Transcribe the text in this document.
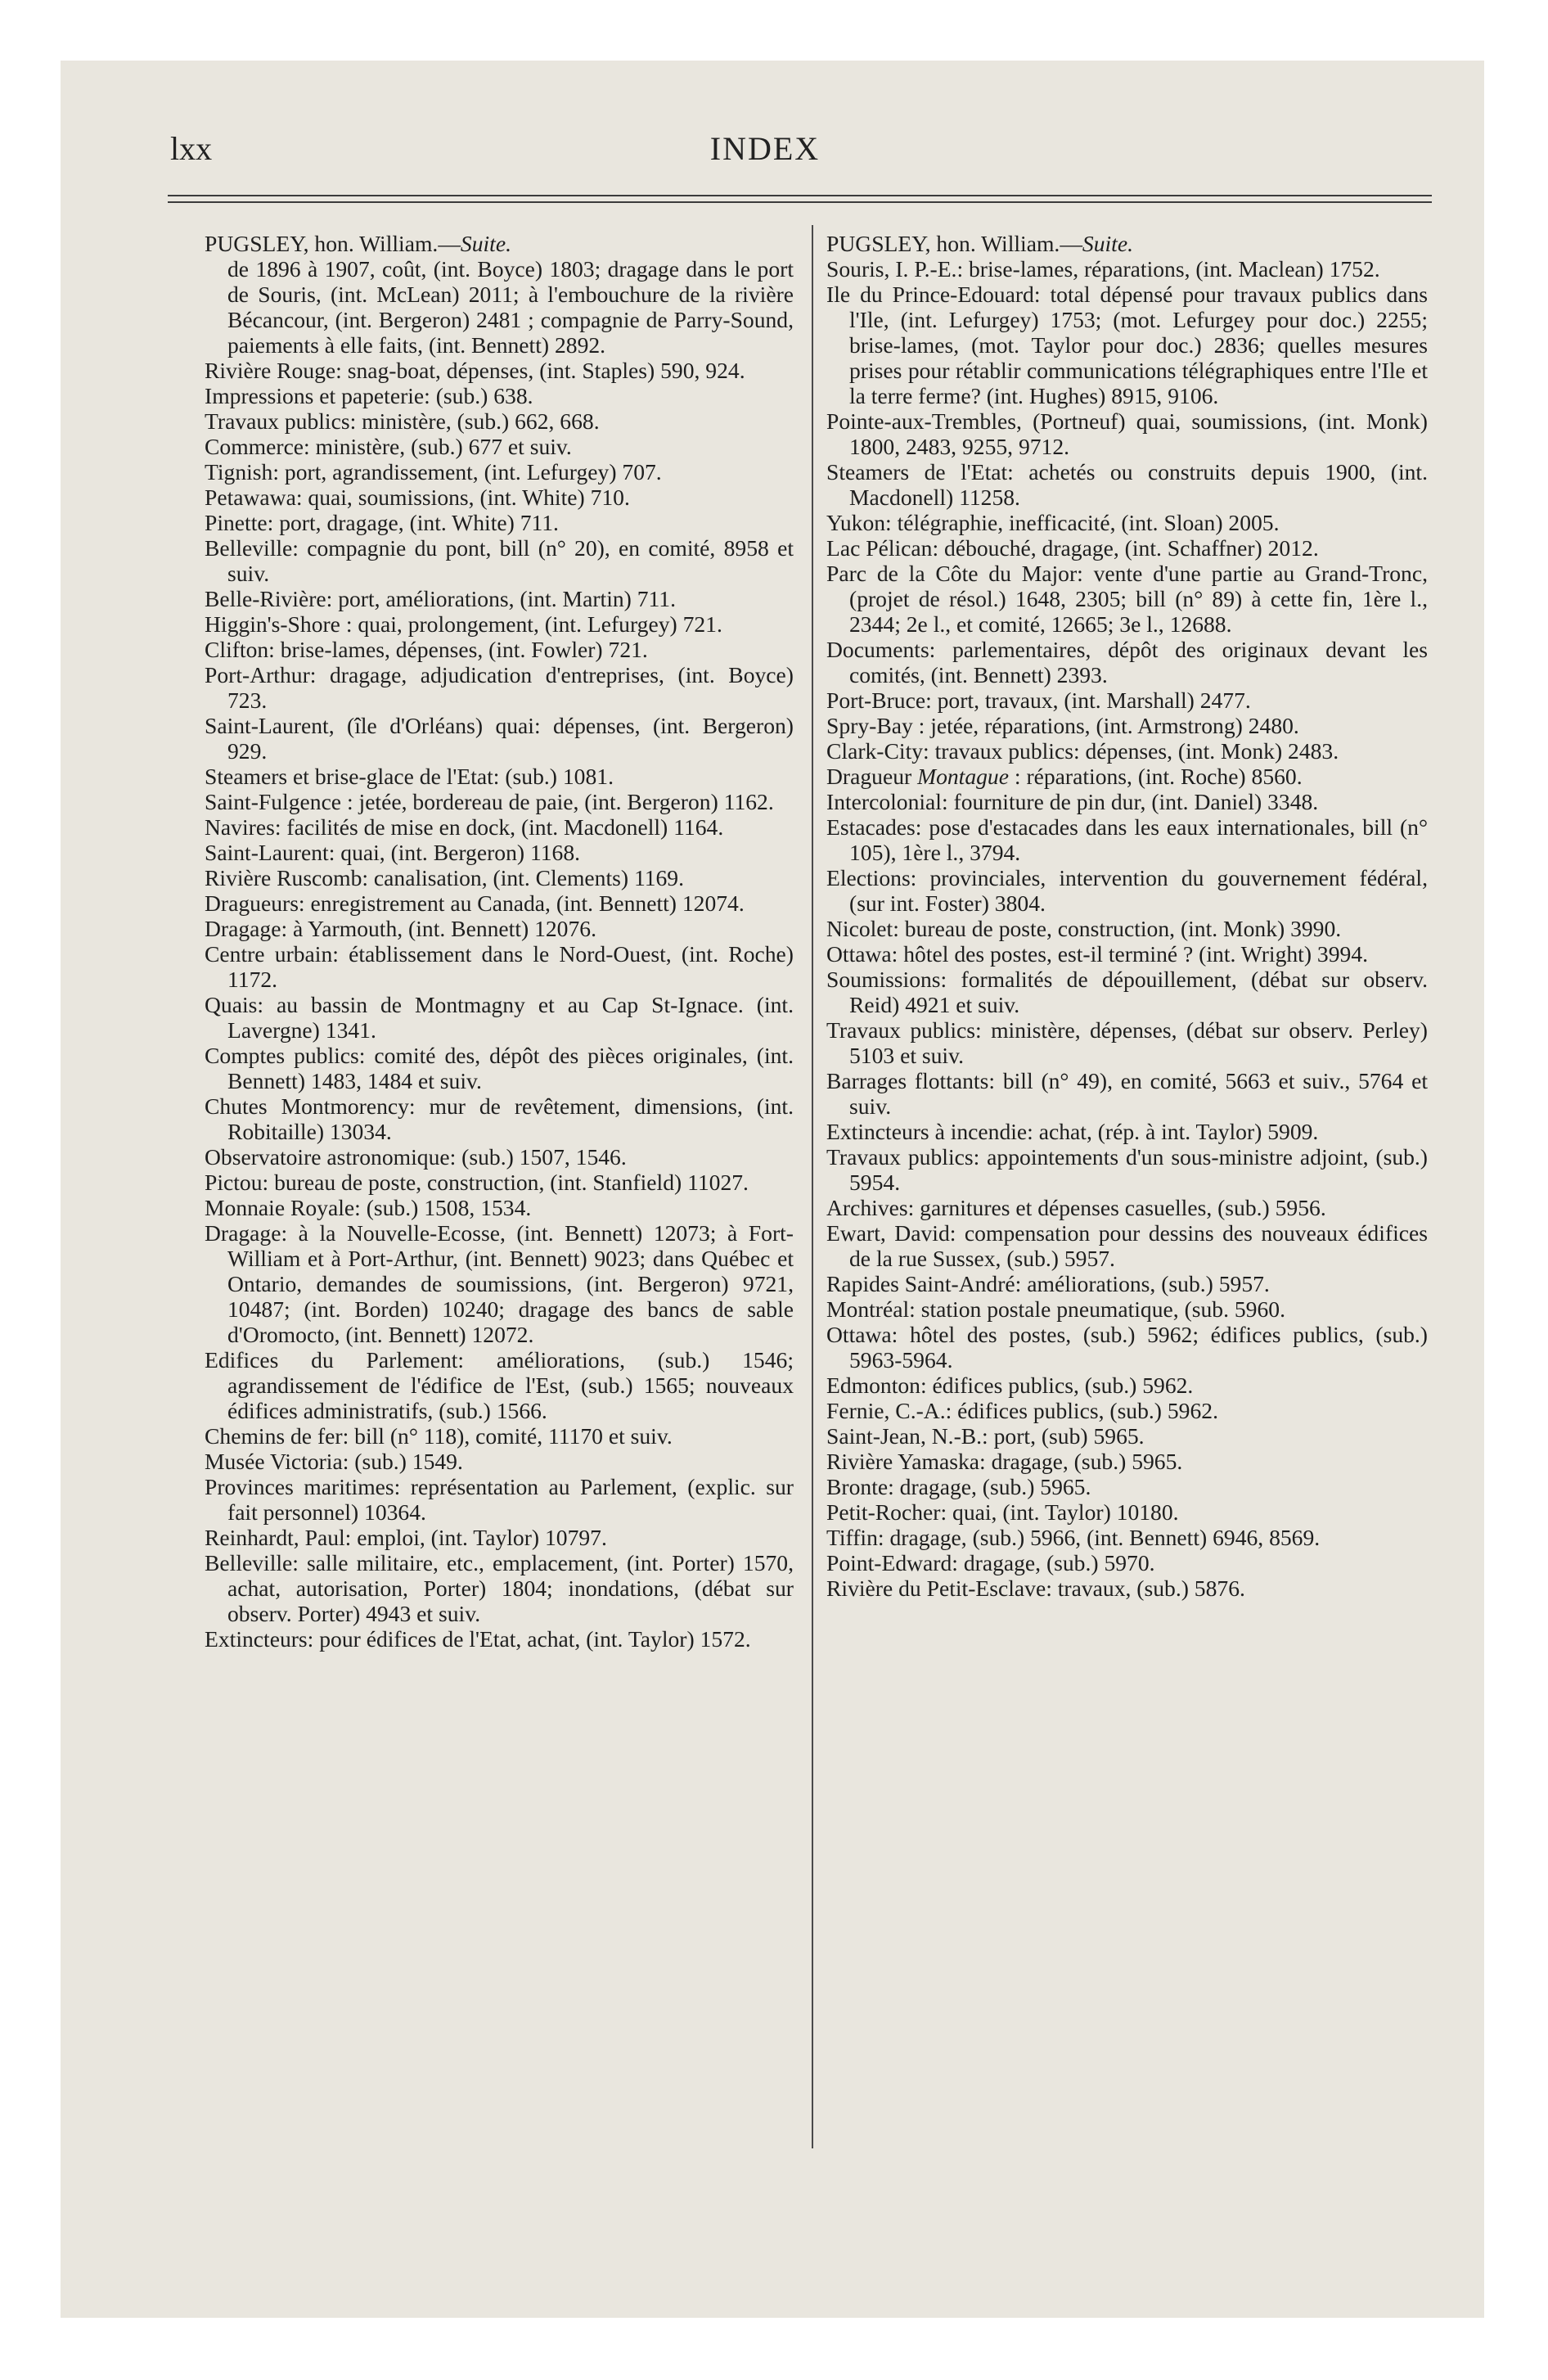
lxx	INDEX
PUGSLEY, hon. William.—Suite.

de 1896 à 1907, coût, (int. Boyce) 1803; dragage dans le port de Souris, (int. McLean) 2011; à l'embouchure de la rivière Bécancour, (int. Bergeron) 2481 ; compagnie de Parry-Sound, paiements à elle faits, (int. Bennett) 2892.

Rivière Rouge: snag-boat, dépenses, (int. Staples) 590, 924.

Impressions et papeterie: (sub.) 638.

Travaux publics: ministère, (sub.) 662, 668.

Commerce: ministère, (sub.) 677 et suiv.

Tignish: port, agrandissement, (int. Lefurgey) 707.

Petawawa: quai, soumissions, (int. White) 710.

Pinette: port, dragage, (int. White) 711.

Belleville: compagnie du pont, bill (n° 20), en comité, 8958 et suiv.

Belle-Rivière: port, améliorations, (int. Martin) 711.

Higgin's-Shore : quai, prolongement, (int. Lefurgey) 721.

Clifton: brise-lames, dépenses, (int. Fowler) 721.

Port-Arthur: dragage, adjudication d'entreprises, (int. Boyce) 723.

Saint-Laurent, (île d'Orléans) quai: dépenses, (int. Bergeron) 929.

Steamers et brise-glace de l'Etat: (sub.) 1081.

Saint-Fulgence : jetée, bordereau de paie, (int. Bergeron) 1162.

Navires: facilités de mise en dock, (int. Macdonell) 1164.

Saint-Laurent: quai, (int. Bergeron) 1168.

Rivière Ruscomb: canalisation, (int. Clements) 1169.

Dragueurs: enregistrement au Canada, (int. Bennett) 12074.

Dragage: à Yarmouth, (int. Bennett) 12076.

Centre urbain: établissement dans le Nord-Ouest, (int. Roche) 1172.

Quais: au bassin de Montmagny et au Cap St-Ignace. (int. Lavergne) 1341.

Comptes publics: comité des, dépôt des pièces originales, (int. Bennett) 1483, 1484 et suiv.

Chutes Montmorency: mur de revêtement, dimensions, (int. Robitaille) 13034.

Observatoire astronomique: (sub.) 1507, 1546.

Pictou: bureau de poste, construction, (int. Stanfield) 11027.

Monnaie Royale: (sub.) 1508, 1534.

Dragage: à la Nouvelle-Ecosse, (int. Bennett) 12073; à Fort-William et à Port-Arthur, (int. Bennett) 9023; dans Québec et Ontario, demandes de soumissions, (int. Bergeron) 9721, 10487; (int. Borden) 10240; dragage des bancs de sable d'Oromocto, (int. Bennett) 12072.

Edifices du Parlement: améliorations, (sub.) 1546; agrandissement de l'édifice de l'Est, (sub.) 1565; nouveaux édifices administratifs, (sub.) 1566.

Chemins de fer: bill (n° 118), comité, 11170 et suiv.

Musée Victoria: (sub.) 1549.

Provinces maritimes: représentation au Parlement, (explic. sur fait personnel) 10364.

Reinhardt, Paul: emploi, (int. Taylor) 10797.

Belleville: salle militaire, etc., emplacement, (int. Porter) 1570, achat, autorisation, Porter) 1804; inondations, (débat sur observ. Porter) 4943 et suiv.

Extincteurs: pour édifices de l'Etat, achat, (int. Taylor) 1572.

PUGSLEY, hon. William.—Suite.

Souris, I. P.-E.: brise-lames, réparations, (int. Maclean) 1752.

Ile du Prince-Edouard: total dépensé pour travaux publics dans l'Ile, (int. Lefurgey) 1753; (mot. Lefurgey pour doc.) 2255; brise-lames, (mot. Taylor pour doc.) 2836; quelles mesures prises pour rétablir communications télégraphiques entre l'Ile et la terre ferme? (int. Hughes) 8915, 9106.

Pointe-aux-Trembles, (Portneuf) quai, soumissions, (int. Monk) 1800, 2483, 9255, 9712.

Steamers de l'Etat: achetés ou construits depuis 1900, (int. Macdonell) 11258.

Yukon: télégraphie, inefficacité, (int. Sloan) 2005.

Lac Pélican: débouché, dragage, (int. Schaffner) 2012.

Parc de la Côte du Major: vente d'une partie au Grand-Tronc, (projet de résol.) 1648, 2305; bill (n° 89) à cette fin, 1ère l., 2344; 2e l., et comité, 12665; 3e l., 12688.

Documents: parlementaires, dépôt des originaux devant les comités, (int. Bennett) 2393.

Port-Bruce: port, travaux, (int. Marshall) 2477.

Spry-Bay : jetée, réparations, (int. Armstrong) 2480.

Clark-City: travaux publics: dépenses, (int. Monk) 2483.

Dragueur Montague : réparations, (int. Roche) 8560.

Intercolonial: fourniture de pin dur, (int. Daniel) 3348.

Estacades: pose d'estacades dans les eaux internationales, bill (n° 105), 1ère l., 3794.

Elections: provinciales, intervention du gouvernement fédéral, (sur int. Foster) 3804.

Nicolet: bureau de poste, construction, (int. Monk) 3990.

Ottawa: hôtel des postes, est-il terminé ? (int. Wright) 3994.

Soumissions: formalités de dépouillement, (débat sur observ. Reid) 4921 et suiv.

Travaux publics: ministère, dépenses, (débat sur observ. Perley) 5103 et suiv.

Barrages flottants: bill (n° 49), en comité, 5663 et suiv., 5764 et suiv.

Extincteurs à incendie: achat, (rép. à int. Taylor) 5909.

Travaux publics: appointements d'un sous-ministre adjoint, (sub.) 5954.

Archives: garnitures et dépenses casuelles, (sub.) 5956.

Ewart, David: compensation pour dessins des nouveaux édifices de la rue Sussex, (sub.) 5957.

Rapides Saint-André: améliorations, (sub.) 5957.

Montréal: station postale pneumatique, (sub. 5960.

Ottawa: hôtel des postes, (sub.) 5962; édifices publics, (sub.) 5963-5964.

Edmonton: édifices publics, (sub.) 5962.

Fernie, C.-A.: édifices publics, (sub.) 5962.

Saint-Jean, N.-B.: port, (sub) 5965.

Rivière Yamaska: dragage, (sub.) 5965.

Bronte: dragage, (sub.) 5965.

Petit-Rocher: quai, (int. Taylor) 10180.

Tiffin: dragage, (sub.) 5966, (int. Bennett) 6946, 8569.

Point-Edward: dragage, (sub.) 5970.

Rivière du Petit-Esclave: travaux, (sub.) 5876.
